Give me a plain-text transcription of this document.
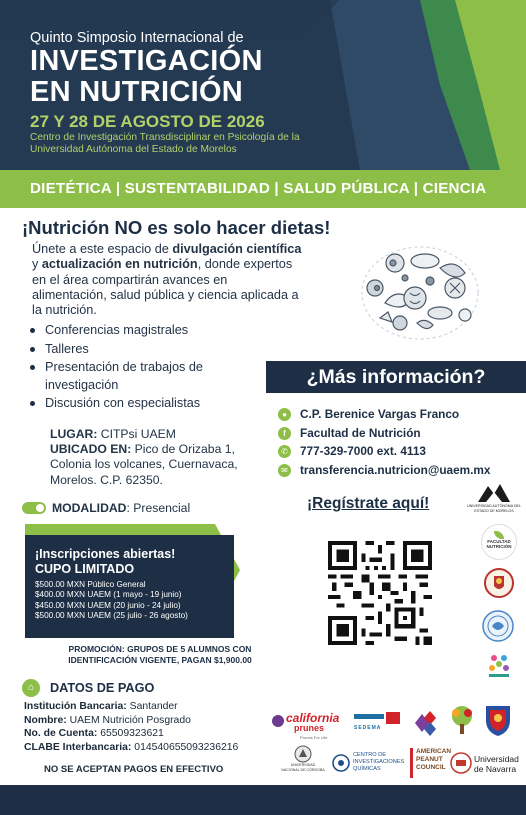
Quinto Simposio Internacional de
INVESTIGACIÓN
EN NUTRICIÓN
27 Y 28 DE AGOSTO DE 2026
Centro de Investigación Transdisciplinar en Psicología de la
Universidad Autónoma del Estado de Morelos
DIETÉTICA | SUSTENTABILIDAD | SALUD PÚBLICA | CIENCIA
¡Nutrición NO es solo hacer dietas!
Únete a este espacio de divulgación científica y actualización en nutrición, donde expertos en el área compartirán avances en alimentación, salud pública y ciencia aplicada a la nutrición.
Conferencias magistrales
Talleres
Presentación de trabajos de investigación
Discusión con especialistas
¿Más información?
●	C.P. Berenice Vargas Franco
f	Facultad de Nutrición
✆ 777-329-7000 ext. 4113
✉ transferencia.nutricion@uaem.mx
¡Regístrate aquí!
LUGAR: CITPsi UAEM
UBICADO EN: Pico de Orizaba 1, Colonia los volcanes, Cuernavaca, Morelos. C.P. 62350.
MODALIDAD: Presencial
¡Inscripciones abiertas!
CUPO LIMITADO
$500.00 MXN Público General
$400.00 MXN UAEM (1 mayo - 19 junio)
$450.00 MXN UAEM (20 junio - 24 julio)
$500.00 MXN UAEM (25 julio - 26 agosto)
PROMOCIÓN: GRUPOS DE 5 ALUMNOS CON
IDENTIFICACIÓN VIGENTE, PAGAN $1,900.00
⌂	DATOS DE PAGO
Institución Bancaria: Santander
Nombre: UAEM Nutrición Posgrado
No. de Cuenta: 65509323621
CLABE Interbancaria: 014540655093236216
NO SE ACEPTAN PAGOS EN EFECTIVO
UNIVERSIDAD AUTÓNOMA DEL ESTADO DE MORELOS
FACULTAD
NUTRICIÓN
california
prunes
Prunes For Life
SEDEMA
UNIVERSIDAD
NACIONAL DE CÓRDOBA
CENTRO DE
INVESTIGACIONES
QUÍMICAS
AMERICAN
PEANUT
COUNCIL
Universidad
de Navarra
